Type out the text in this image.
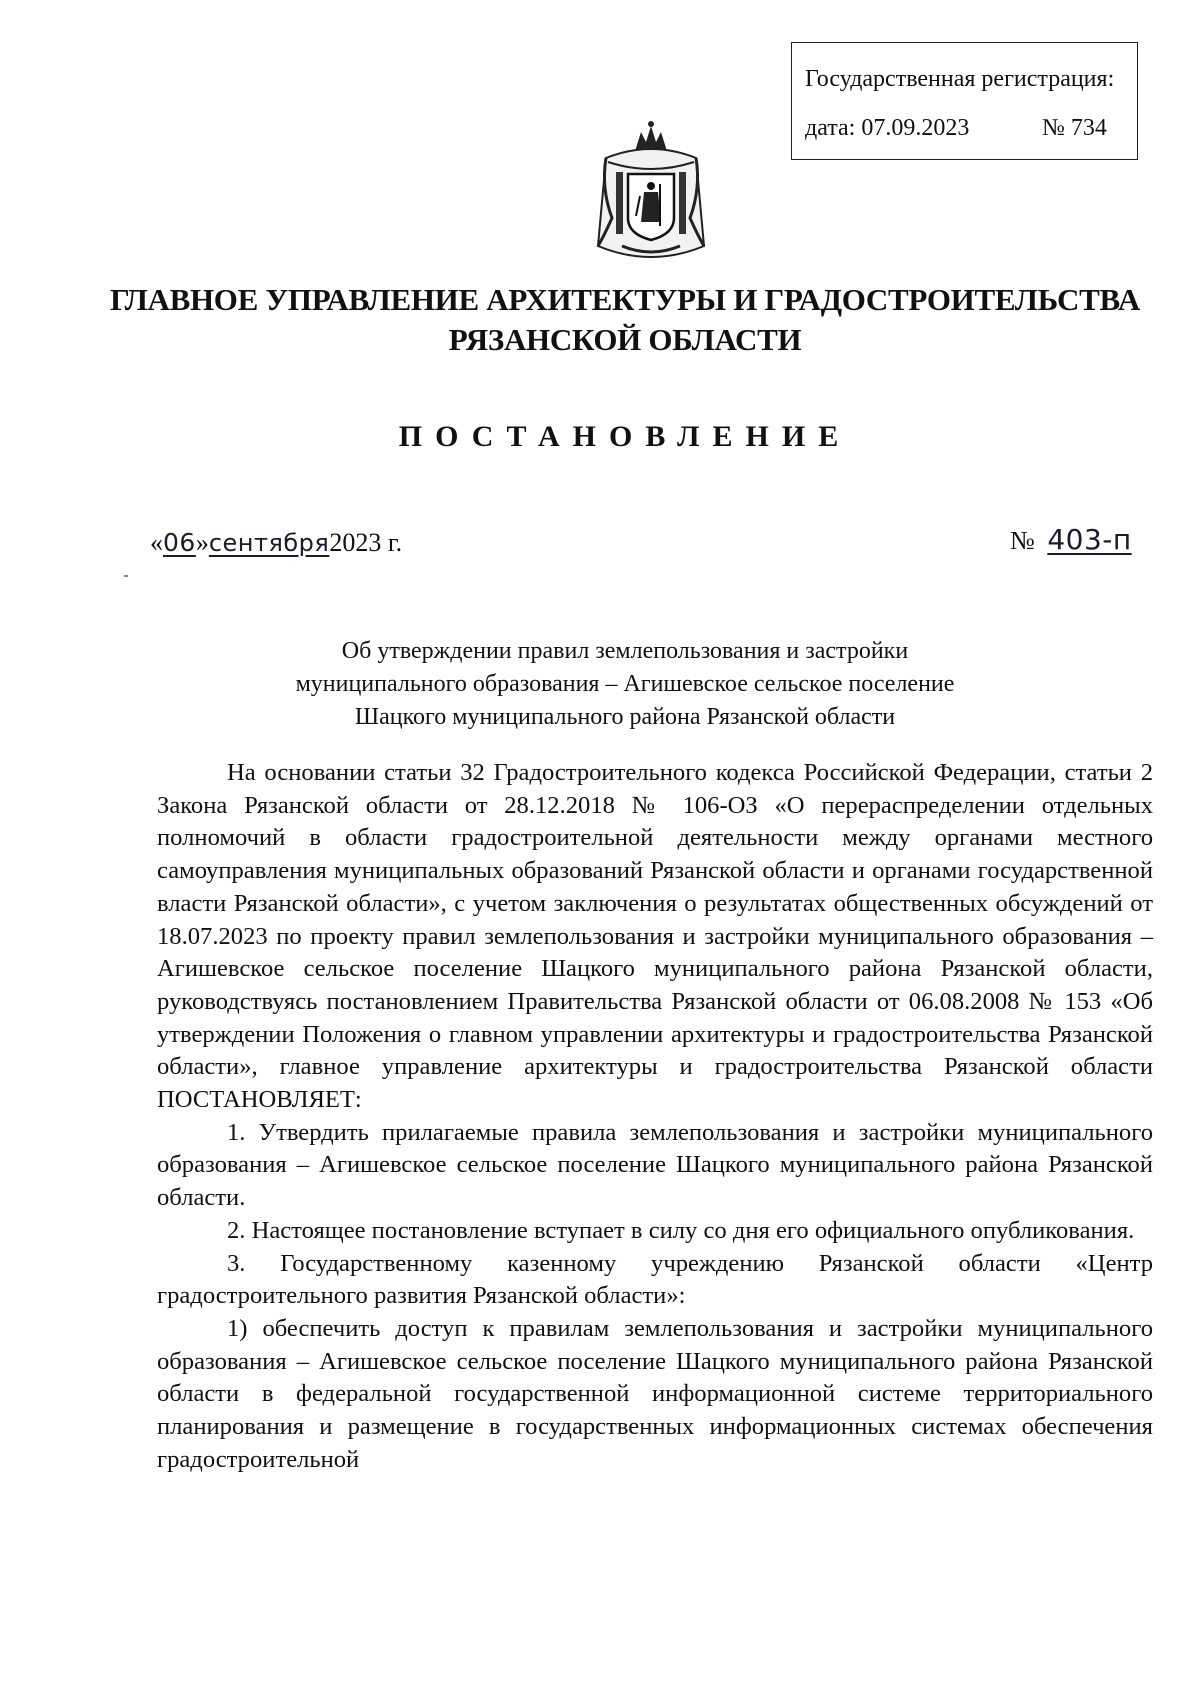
Государственная регистрация:
дата: 07.09.2023	№ 734
ГЛАВНОЕ УПРАВЛЕНИЕ АРХИТЕКТУРЫ И ГРАДОСТРОИТЕЛЬСТВА
РЯЗАНСКОЙ ОБЛАСТИ
ПОСТАНОВЛЕНИЕ
«06»сентября2023 г.	№ 403-п
Об утверждении правил землепользования и застройки
муниципального образования – Агишевское сельское поселение
Шацкого муниципального района Рязанской области

На основании статьи 32 Градостроительного кодекса Российской Федерации, статьи 2 Закона Рязанской области от 28.12.2018 № 106-ОЗ «О перераспределении отдельных полномочий в области градостроительной деятельности между органами местного самоуправления муниципальных образований Рязанской области и органами государственной власти Рязанской области», с учетом заключения о результатах общественных обсуждений от 18.07.2023 по проекту правил землепользования и застройки муниципального образования – Агишевское сельское поселение Шацкого муниципального района Рязанской области, руководствуясь постановлением Правительства Рязанской области от 06.08.2008 № 153 «Об утверждении Положения о главном управлении архитектуры и градостроительства Рязанской области», главное управление архитектуры и градостроительства Рязанской области ПОСТАНОВЛЯЕТ:

1. Утвердить прилагаемые правила землепользования и застройки муниципального образования – Агишевское сельское поселение Шацкого муниципального района Рязанской области.

2. Настоящее постановление вступает в силу со дня его официального опубликования.

3. Государственному казенному учреждению Рязанской области «Центр градостроительного развития Рязанской области»:

1) обеспечить доступ к правилам землепользования и застройки муниципального образования – Агишевское сельское поселение Шацкого муниципального района Рязанской области в федеральной государственной информационной системе территориального планирования и размещение в государственных информационных системах обеспечения градостроительной
